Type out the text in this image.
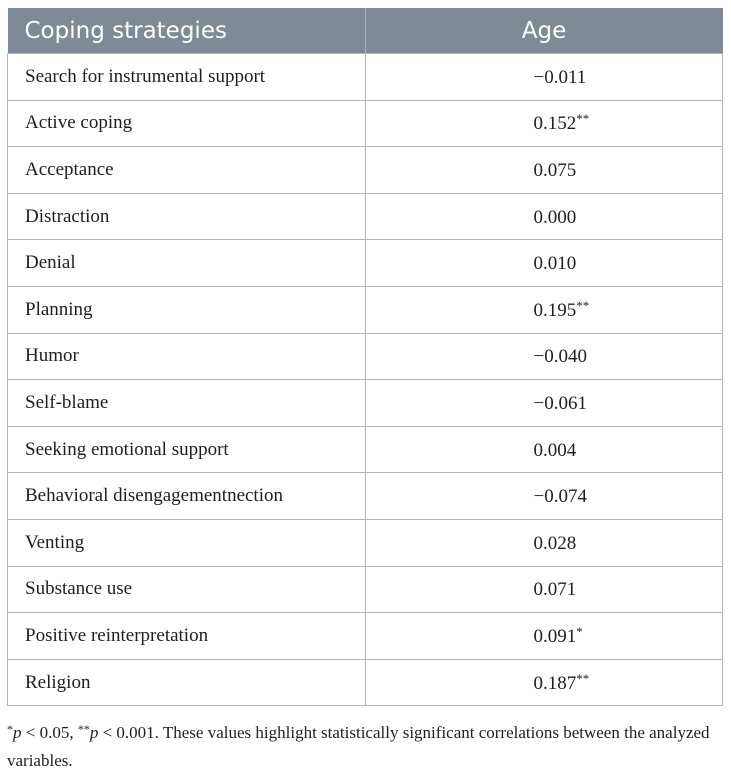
Coping strategies	Age
Search for instrumental support	−0.011
Active coping	0.152**
Acceptance	0.075
Distraction	0.000
Denial	0.010
Planning	0.195**
Humor	−0.040
Self-blame	−0.061
Seeking emotional support	0.004
Behavioral disengagementnection	−0.074
Venting	0.028
Substance use	0.071
Positive reinterpretation	0.091*
Religion	0.187**
*p < 0.05, **p < 0.001. These values highlight statistically significant correlations between the analyzed variables.
